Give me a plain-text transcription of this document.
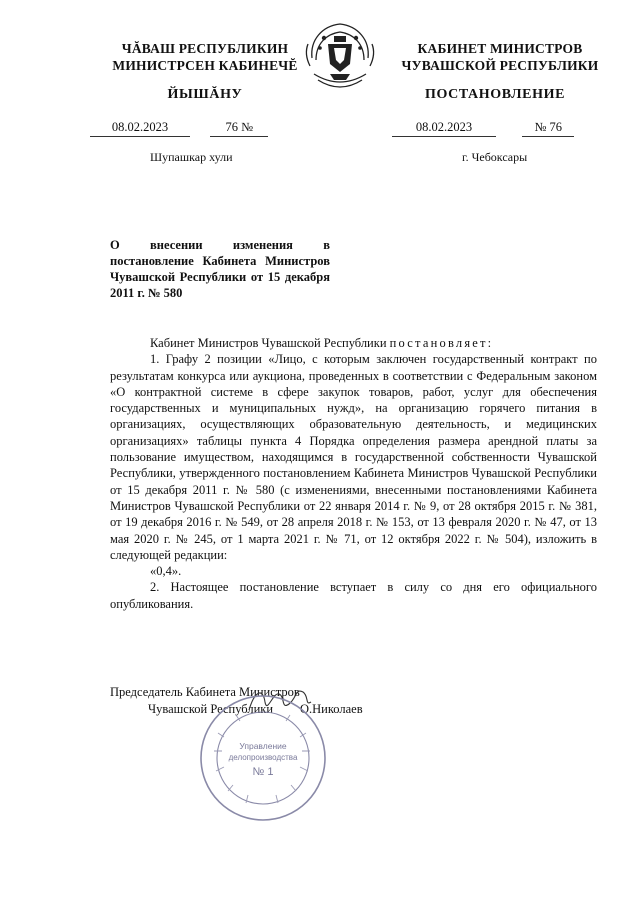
ЧĂВАШ РЕСПУБЛИКИН
МИНИСТРСЕН КАБИНЕЧĔ
КАБИНЕТ МИНИСТРОВ
ЧУВАШСКОЙ РЕСПУБЛИКИ
ЙЫШĂНУ	ПОСТАНОВЛЕНИЕ
08.02.2023	76 №	08.02.2023	№ 76
Шупашкар хули	г. Чебоксары
О внесении изменения в постановление Кабинета Министров Чувашской Республики от 15 декабря 2011 г. № 580

Кабинет Министров Чувашской Республики постановляет:

1. Графу 2 позиции «Лицо, с которым заключен государственный контракт по результатам конкурса или аукциона, проведенных в соответствии с Федеральным законом «О контрактной системе в сфере закупок товаров, работ, услуг для обеспечения государственных и муниципальных нужд», на организацию горячего питания в организациях, осуществляющих образовательную деятельность, и медицинских организациях» таблицы пункта 4 Порядка определения размера арендной платы за пользование имуществом, находящимся в государственной собственности Чувашской Республики, утвержденного постановлением Кабинета Министров Чувашской Республики от 15 декабря 2011 г. № 580 (с изменениями, внесенными постановлениями Кабинета Министров Чувашской Республики от 22 января 2014 г. № 9, от 28 октября 2015 г. № 381, от 19 декабря 2016 г. № 549, от 28 апреля 2018 г. № 153, от 13 февраля 2020 г. № 47, от 13 мая 2020 г. № 245, от 1 марта 2021 г. № 71, от 12 октября 2022 г. № 504), изложить в следующей редакции:

«0,4».

2. Настоящее постановление вступает в силу со дня его официального опубликования.

Председатель Кабинета Министров
Чувашской Республики О.Николаев
Управление
делопроизводства
№ 1
